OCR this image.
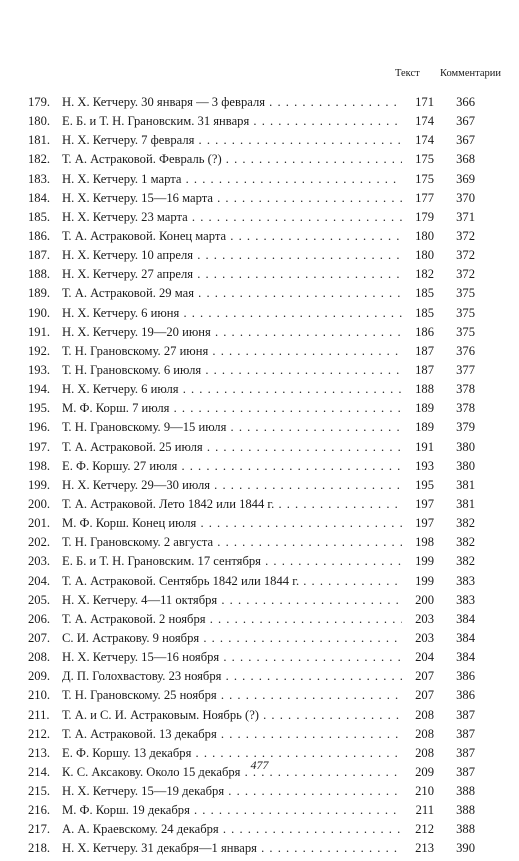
Текст Комментарии
179. Н. Х. Кетчеру. 30 января — 3 февраля . . .	171	366
180. Е. Б. и Т. Н. Грановским. 31 января . . .	174	367
181. Н. Х. Кетчеру. 7 февраля . . .	174	367
182. Т. А. Астраковой. Февраль (?) . . .	175	368
183. Н. Х. Кетчеру. 1 марта . . .	175	369
184. Н. Х. Кетчеру. 15—16 марта . . .	177	370
185. Н. Х. Кетчеру. 23 марта . . .	179	371
186. Т. А. Астраковой. Конец марта . . .	180	372
187. Н. Х. Кетчеру. 10 апреля . . .	180	372
188. Н. Х. Кетчеру. 27 апреля . . .	182	372
189. Т. А. Астраковой. 29 мая . . .	185	375
190. Н. Х. Кетчеру. 6 июня . . .	185	375
191. Н. Х. Кетчеру. 19—20 июня . . .	186	375
192. Т. Н. Грановскому. 27 июня . . .	187	376
193. Т. Н. Грановскому. 6 июля . . .	187	377
194. Н. Х. Кетчеру. 6 июля . . .	188	378
195. М. Ф. Корш. 7 июля . . .	189	378
196. Т. Н. Грановскому. 9—15 июля . . .	189	379
197. Т. А. Астраковой. 25 июля . . .	191	380
198. Е. Ф. Коршу. 27 июля . . .	193	380
199. Н. Х. Кетчеру. 29—30 июля . . .	195	381
200. Т. А. Астраковой. Лето 1842 или 1844 г. . . .	197	381
201. М. Ф. Корш. Конец июля . . .	197	382
202. Т. Н. Грановскому. 2 августа . . .	198	382
203. Е. Б. и Т. Н. Грановским. 17 сентября . . .	199	382
204. Т. А. Астраковой. Сентябрь 1842 или 1844 г. . . .	199	383
205. Н. Х. Кетчеру. 4—11 октября . . .	200	383
206. Т. А. Астраковой. 2 ноября . . .	203	384
207. С. И. Астракову. 9 ноября . . .	203	384
208. Н. Х. Кетчеру. 15—16 ноября . . .	204	384
209. Д. П. Голохвастову. 23 ноября . . .	207	386
210. Т. Н. Грановскому. 25 ноября . . .	207	386
211. Т. А. и С. И. Астраковым. Ноябрь (?) . . .	208	387
212. Т. А. Астраковой. 13 декабря . . .	208	387
213. Е. Ф. Коршу. 13 декабря . . .	208	387
214. К. С. Аксакову. Около 15 декабря . . .	209	387
215. Н. Х. Кетчеру. 15—19 декабря . . .	210	388
216. М. Ф. Корш. 19 декабря . . .	211	388
217. А. А. Краевскому. 24 декабря . . .	212	388
218. Н. Х. Кетчеру. 31 декабря—1 января . . .	213	390
477
